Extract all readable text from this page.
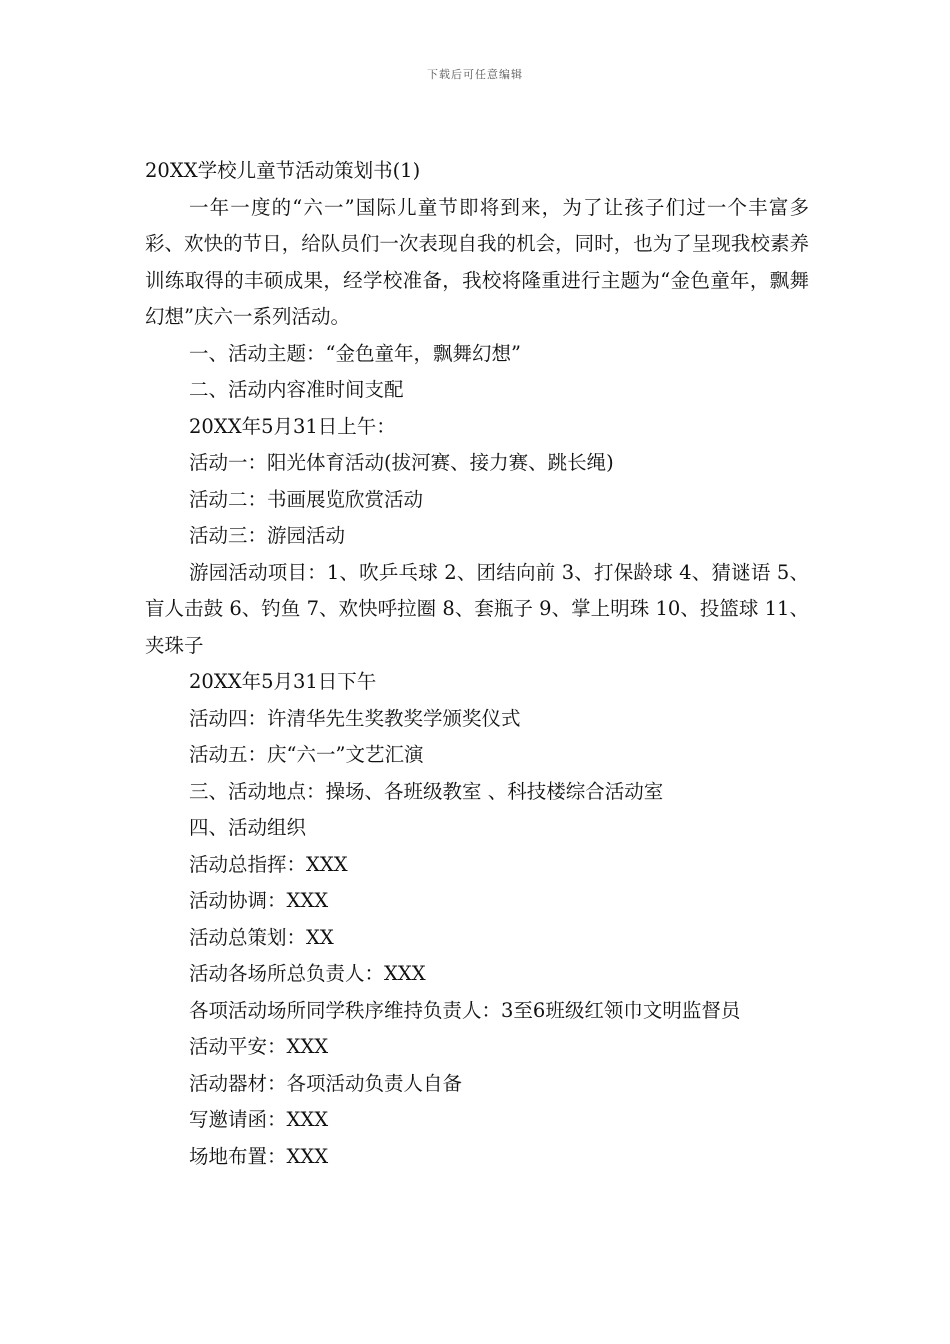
下载后可任意编辑

20XX学校儿童节活动策划书(1)

一年一度的“六一”国际儿童节即将到来，为了让孩子们过一个丰富多彩、欢快的节日，给队员们一次表现自我的机会，同时，也为了呈现我校素养训练取得的丰硕成果，经学校准备，我校将隆重进行主题为“金色童年，飘舞幻想”庆六一系列活动。

一、活动主题：“金色童年，飘舞幻想”

二、活动内容准时间支配

20XX年5月31日上午：

活动一：阳光体育活动(拔河赛、接力赛、跳长绳)

活动二：书画展览欣赏活动

活动三：游园活动

游园活动项目：1、吹乒乓球 2、团结向前 3、打保龄球 4、猜谜语 5、盲人击鼓 6、钓鱼 7、欢快呼拉圈 8、套瓶子 9、掌上明珠 10、投篮球 11、夹珠子

20XX年5月31日下午

活动四：许清华先生奖教奖学颁奖仪式

活动五：庆“六一”文艺汇演

三、活动地点：操场、各班级教室 、科技楼综合活动室

四、活动组织

活动总指挥：XXX

活动协调：XXX

活动总策划：XX

活动各场所总负责人：XXX

各项活动场所同学秩序维持负责人：3至6班级红领巾文明监督员

活动平安：XXX

活动器材：各项活动负责人自备

写邀请函：XXX

场地布置：XXX
